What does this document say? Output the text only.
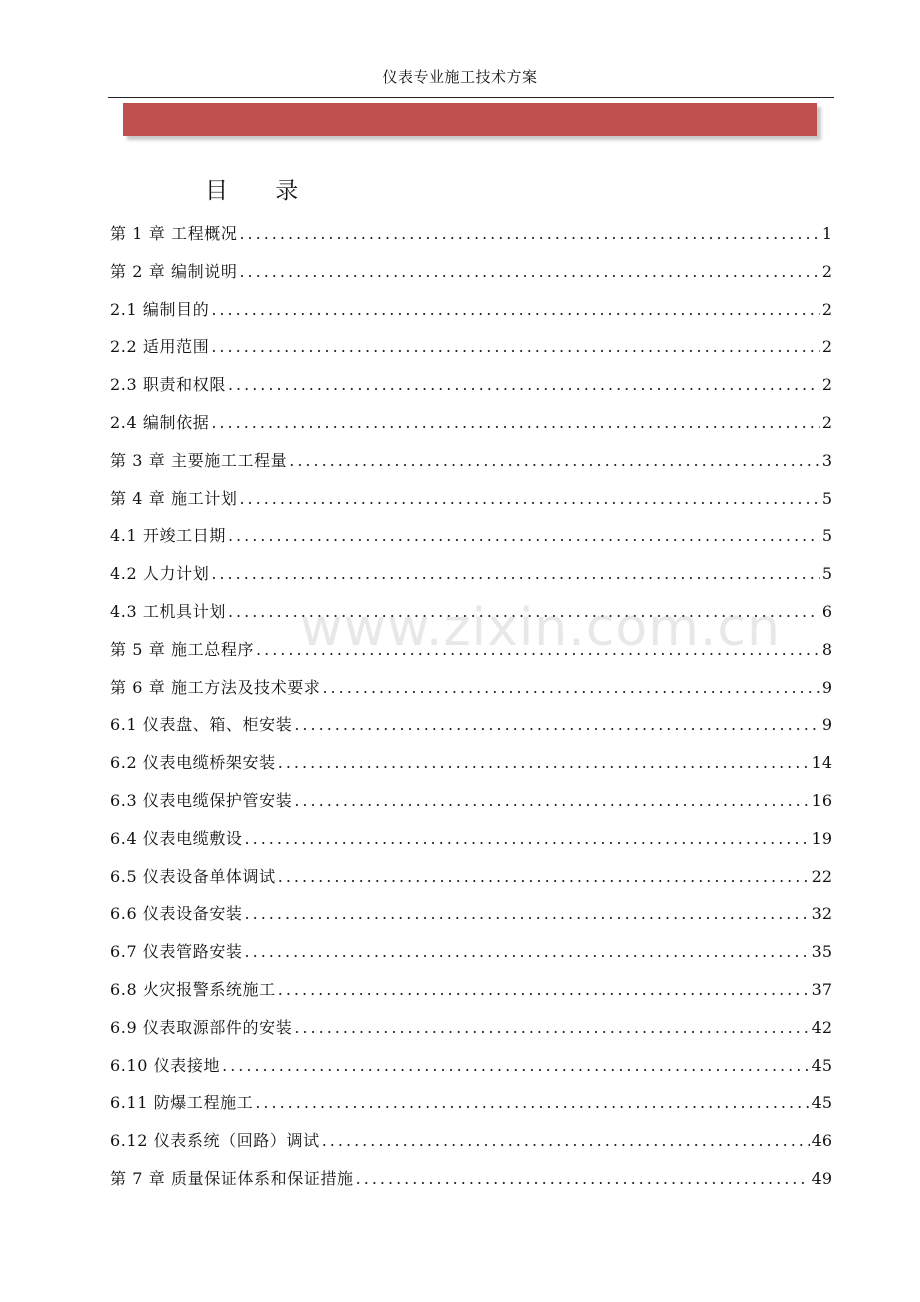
仪表专业施工技术方案
目 录
第 1 章 工程概况 .....	1
第 2 章 编制说明 .....	2
2.1 编制目的 .....	2
2.2 适用范围 .....	2
2.3 职责和权限 .....	2
2.4 编制依据 .....	2
第 3 章 主要施工工程量 .....	3
第 4 章 施工计划 .....	5
4.1 开竣工日期 .....	5
4.2 人力计划 .....	5
4.3 工机具计划 .....	6
第 5 章 施工总程序 .....	8
第 6 章 施工方法及技术要求 .....	9
6.1 仪表盘、箱、柜安装 .....	9
6.2 仪表电缆桥架安装 .....	14
6.3 仪表电缆保护管安装 .....	16
6.4 仪表电缆敷设 .....	19
6.5 仪表设备单体调试 .....	22
6.6 仪表设备安装 .....	32
6.7 仪表管路安装 .....	35
6.8 火灾报警系统施工 .....	37
6.9 仪表取源部件的安装 .....	42
6.10 仪表接地 .....	45
6.11 防爆工程施工 .....	45
6.12 仪表系统（回路）调试 .....	46
第 7 章 质量保证体系和保证措施 .....	49
www.zixin.com.cn
